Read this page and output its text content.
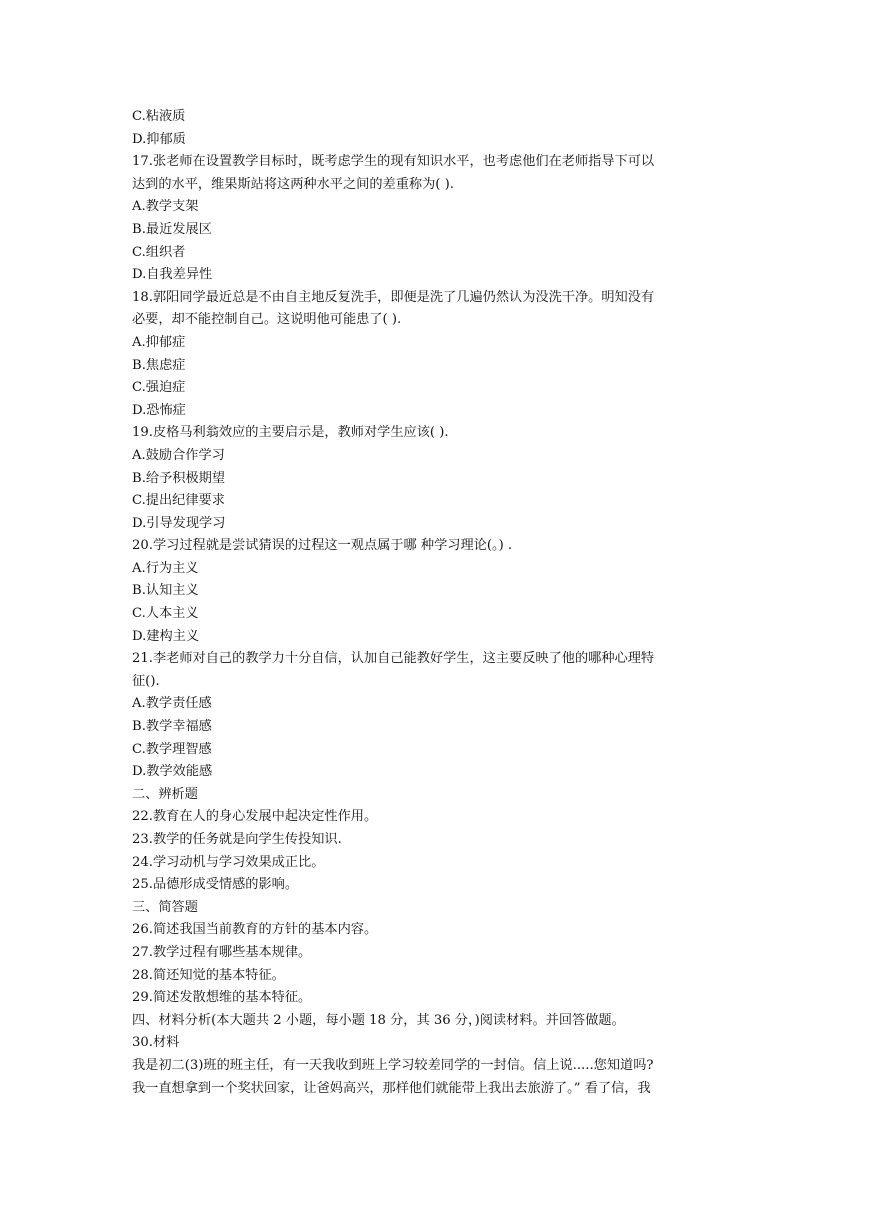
C.粘液质
D.抑郁质
17.张老师在设置教学目标时，既考虑学生的现有知识水平，也考虑他们在老师指导下可以
达到的水平，维果斯站将这两种水平之间的差重称为( ).
A.教学支架
B.最近发展区
C.组织者
D.自我差异性
18.郭阳同学最近总是不由自主地反复洗手，即便是洗了几遍仍然认为没洗干净。明知没有
必要，却不能控制自己。这说明他可能患了( ).
A.抑郁症
B.焦虑症
C.强迫症
D.恐怖症
19.皮格马利翁效应的主要启示是，教师对学生应该( ).
A.鼓励合作学习
B.给予积极期望
C.提出纪律要求
D.引导发现学习
20.学习过程就是尝试猜误的过程这一观点属于哪 种学习理论(。) .
A.行为主义
B.认知主义
C.人本主义
D.建构主义
21.李老师对自己的教学力十分自信，认加自己能教好学生，这主要反映了他的哪种心理特
征().
A.教学责任感
B.教学幸福感
C.教学理智感
D.教学效能感
二、辨析题
22.教育在人的身心发展中起决定性作用。
23.教学的任务就是向学生传投知识.
24.学习动机与学习效果成正比。
25.品德形成受情感的影响。
三、简答题
26.简述我国当前教育的方针的基本内容。
27.教学过程有哪些基本规律。
28.简还知觉的基本特征。
29.简述发散想维的基本特征。
四、材料分析(本大题共 2 小题，每小题 18 分，其 36 分，)阅读材料。并回答做题。
30.材料
我是初二(3)班的班主任，有一天我收到班上学习较差同学的一封信。信上说.....您知道吗?
我一直想拿到一个奖状回家，让爸妈高兴，那样他们就能带上我出去旅游了。” 看了信，我
